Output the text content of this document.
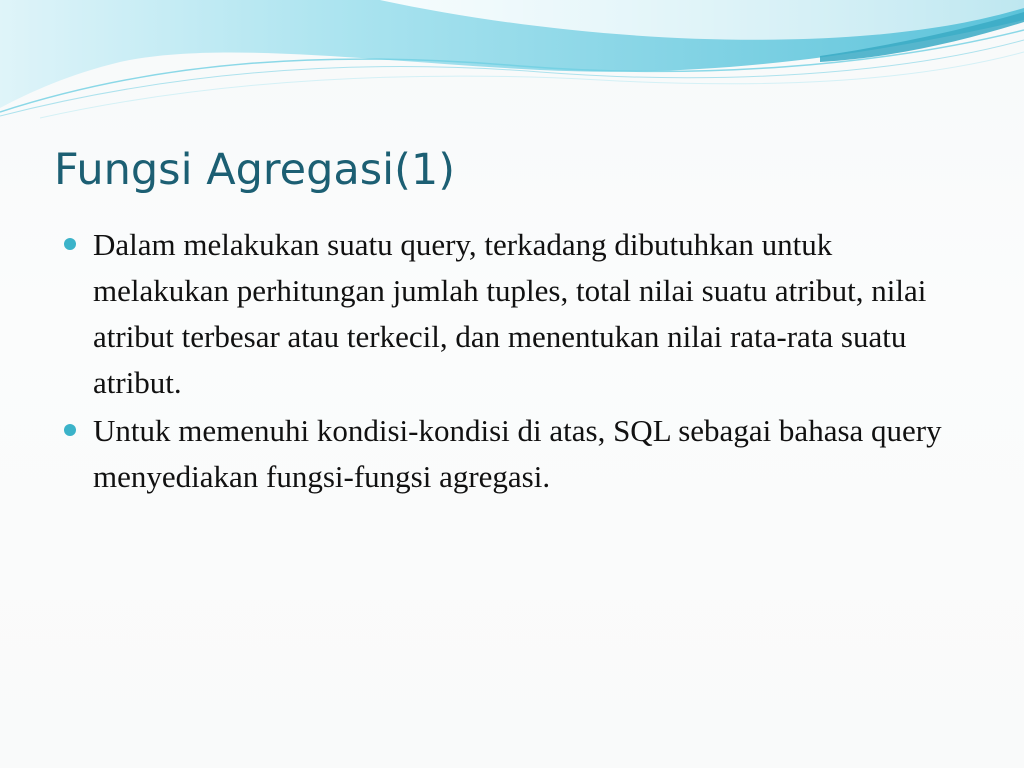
Fungsi Agregasi(1)
Dalam melakukan suatu query, terkadang dibutuhkan untuk melakukan perhitungan jumlah tuples, total nilai suatu atribut, nilai atribut terbesar atau terkecil, dan menentukan nilai rata-rata suatu atribut.
Untuk memenuhi kondisi-kondisi di atas, SQL sebagai bahasa query menyediakan fungsi-fungsi agregasi.
